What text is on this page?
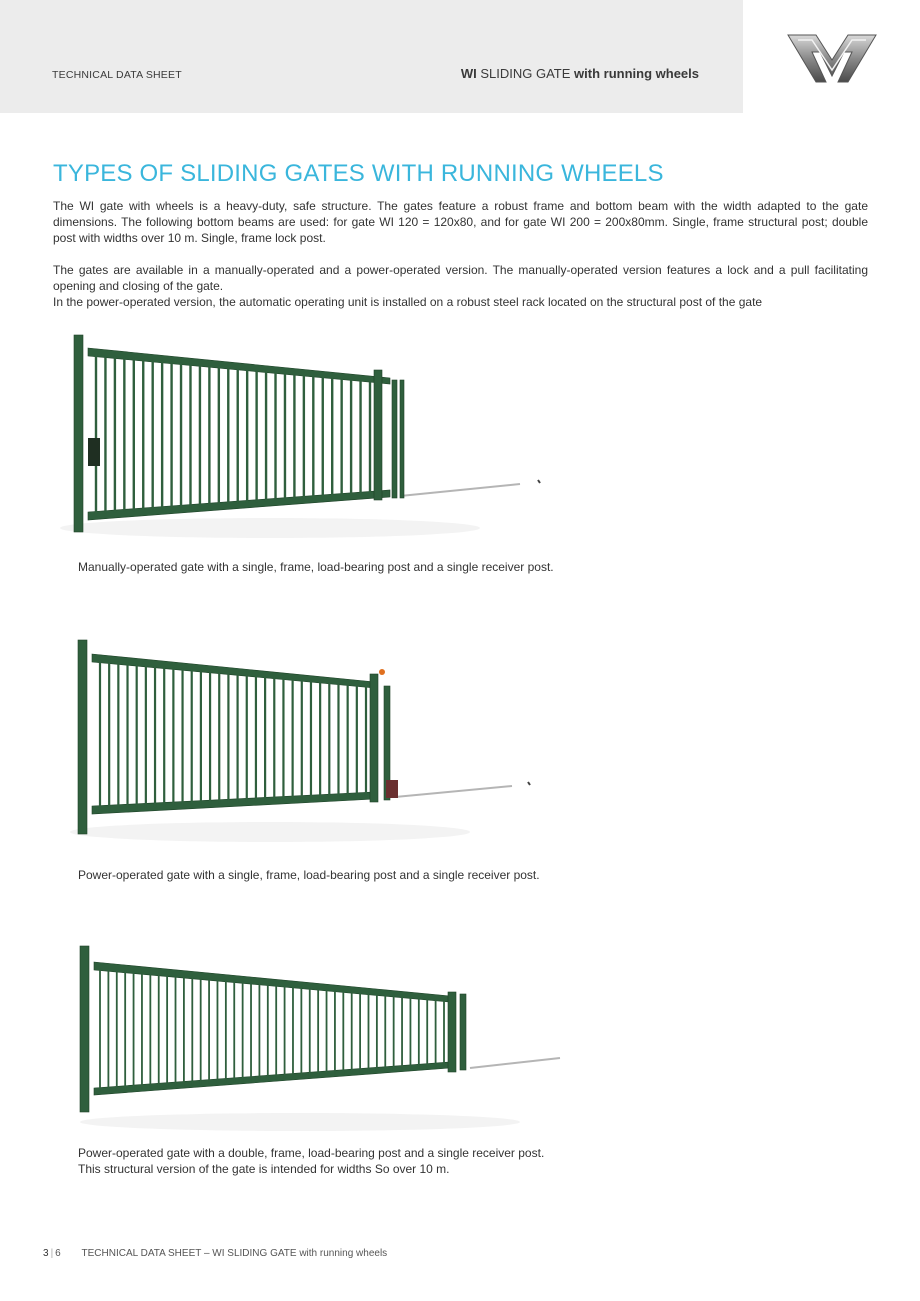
TECHNICAL DATA SHEET	WI SLIDING GATE with running wheels
TYPES OF SLIDING GATES WITH RUNNING WHEELS

The WI gate with wheels is a heavy-duty, safe structure. The gates feature a robust frame and bottom beam with the width adapted to the gate dimensions. The following bottom beams are used: for gate WI 120 = 120x80, and for gate WI 200 = 200x80mm. Single, frame structural post; double post with widths over 10 m. Single, frame lock post.

The gates are available in a manually-operated and a power-operated version. The manually-operated version features a lock and a pull facilitating opening and closing of the gate.

In the power-operated version, the automatic operating unit is installed on a robust steel rack located on the structural post of the gate

Manually-operated gate with a single, frame, load-bearing post and a single receiver post.
Power-operated gate with a single, frame, load-bearing post and a single receiver post.
Power-operated gate with a double, frame, load-bearing post and a single receiver post.
This structural version of the gate is intended for widths So over 10 m.
3 | 6 TECHNICAL DATA SHEET – WI SLIDING GATE with running wheels
